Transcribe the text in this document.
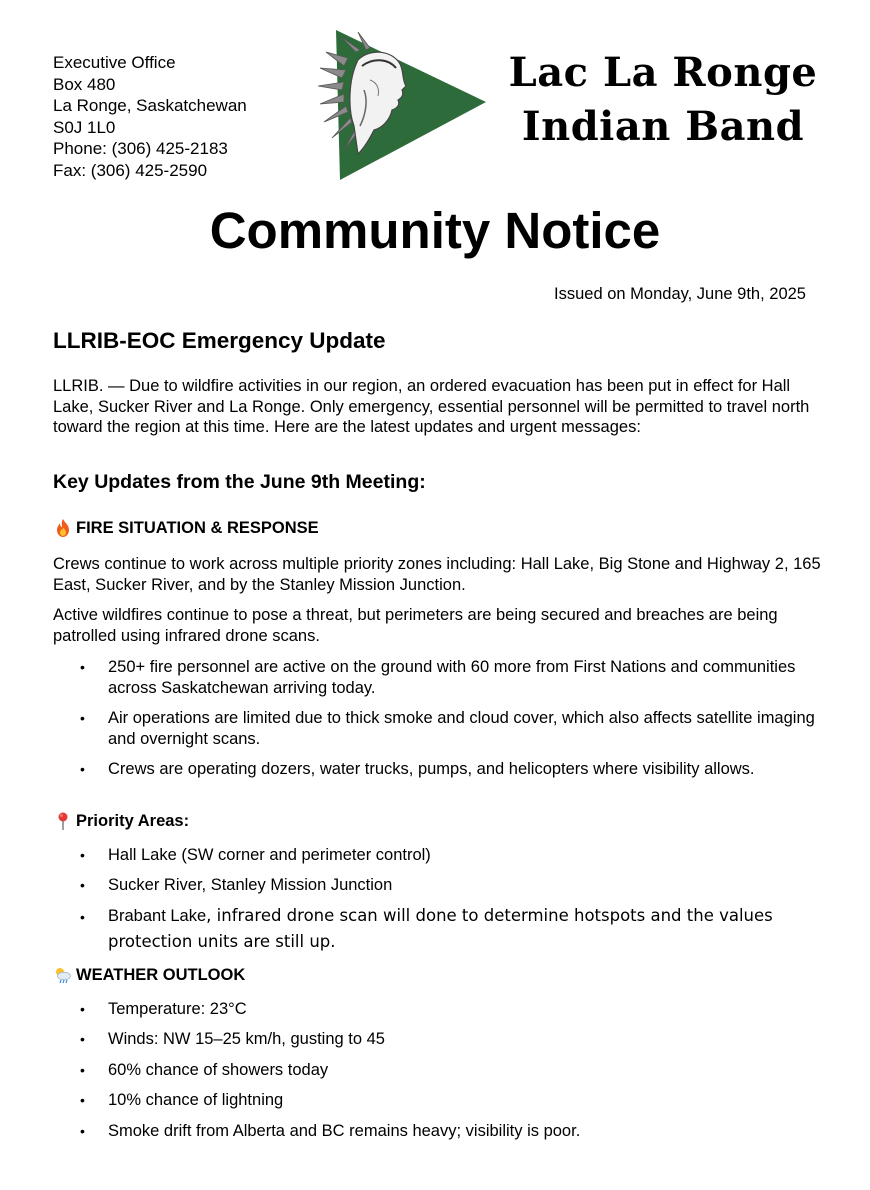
Executive Office
Box 480
La Ronge, Saskatchewan
S0J 1L0
Phone: (306) 425-2183
Fax: (306) 425-2590
Lac La Ronge
Indian Band
Community Notice
Issued on Monday, June 9th, 2025
LLRIB-EOC Emergency Update
LLRIB. — Due to wildfire activities in our region, an ordered evacuation has been put in effect for Hall Lake, Sucker River and La Ronge. Only emergency, essential personnel will be permitted to travel north toward the region at this time. Here are the latest updates and urgent messages:
Key Updates from the June 9th Meeting:
FIRE SITUATION & RESPONSE
Crews continue to work across multiple priority zones including: Hall Lake, Big Stone and Highway 2, 165 East, Sucker River, and by the Stanley Mission Junction.
Active wildfires continue to pose a threat, but perimeters are being secured and breaches are being patrolled using infrared drone scans.
• 250+ fire personnel are active on the ground with 60 more from First Nations and communities across Saskatchewan arriving today.
• Air operations are limited due to thick smoke and cloud cover, which also affects satellite imaging and overnight scans.
• Crews are operating dozers, water trucks, pumps, and helicopters where visibility allows.
Priority Areas:
• Hall Lake (SW corner and perimeter control)
• Sucker River, Stanley Mission Junction
• Brabant Lake, infrared drone scan will done to determine hotspots and the values protection units are still up.
WEATHER OUTLOOK
• Temperature: 23°C
• Winds: NW 15–25 km/h, gusting to 45
• 60% chance of showers today
• 10% chance of lightning
• Smoke drift from Alberta and BC remains heavy; visibility is poor.
